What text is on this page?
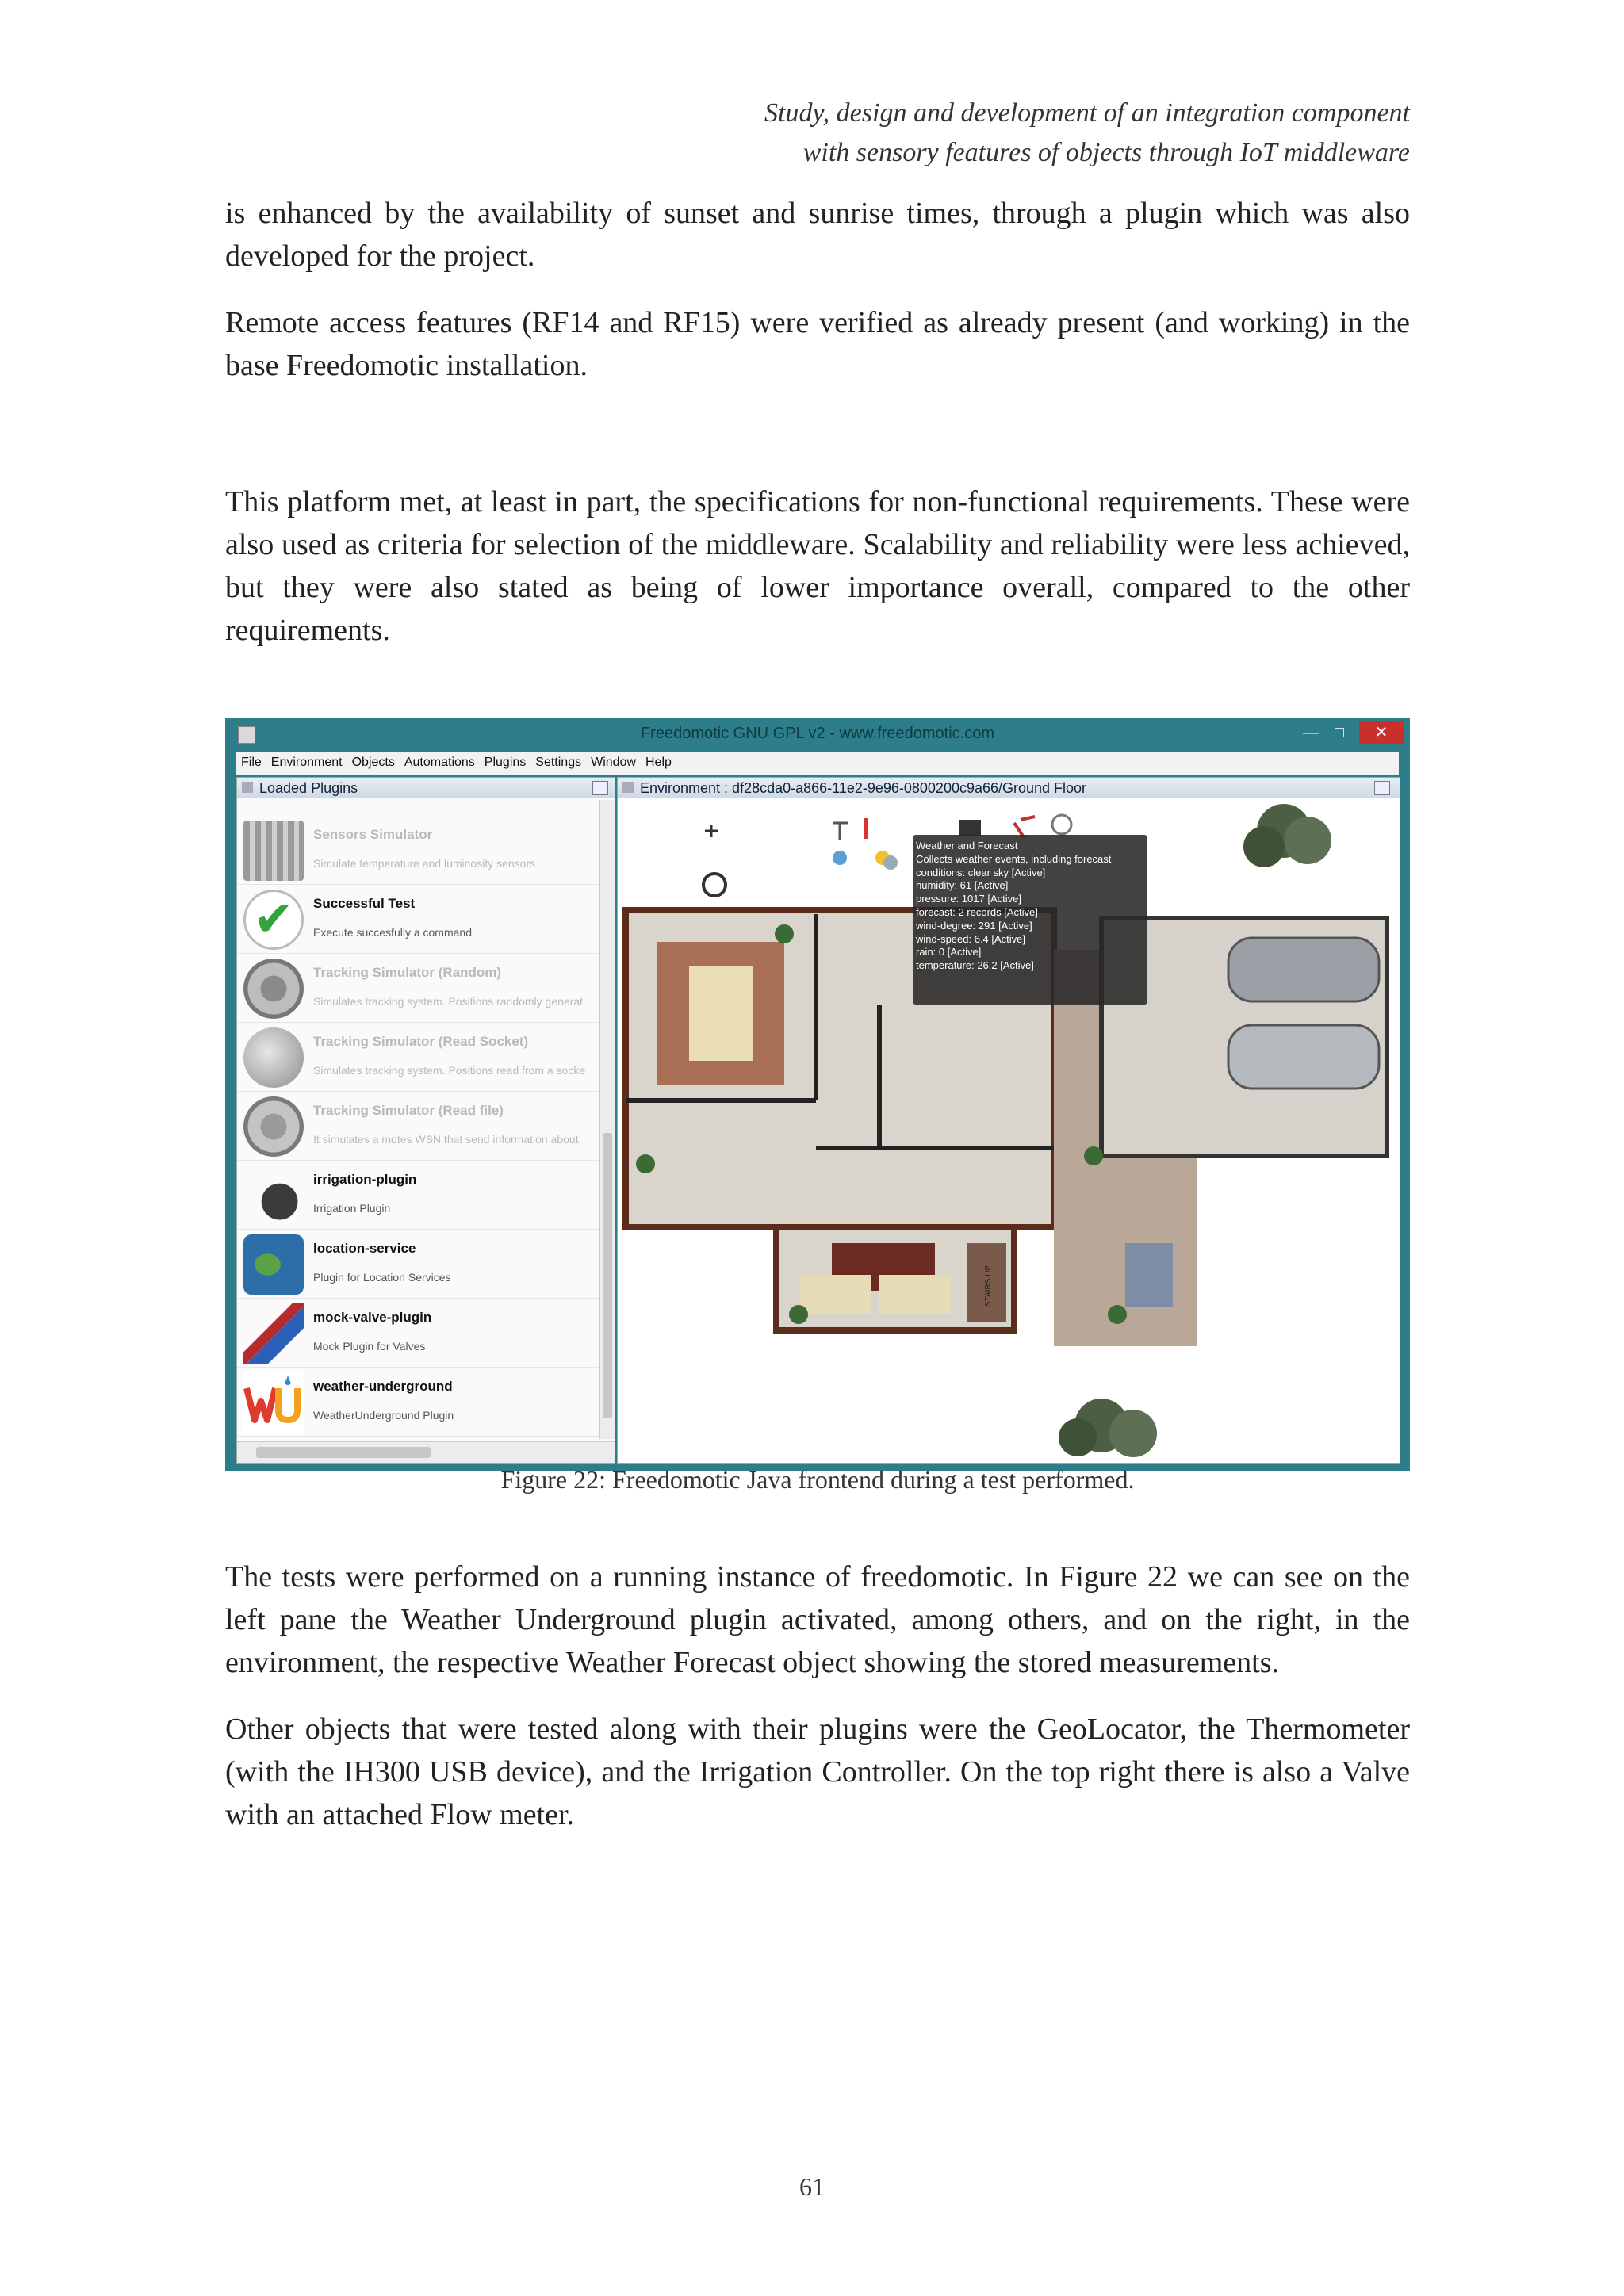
Study, design and development of an integration component
with sensory features of objects through IoT middleware

is enhanced by the availability of sunset and sunrise times, through a plugin which was also developed for the project.

Remote access features (RF14 and RF15) were verified as already present (and working) in the base Freedomotic installation.

This platform met, at least in part, the specifications for non-functional requirements. These were also used as criteria for selection of the middleware. Scalability and reliability were less achieved, but they were also stated as being of lower importance overall, compared to the other requirements.

Freedomotic GNU GPL v2 - www.freedomotic.com	— □	✕
File Environment Objects Automations Plugins Settings Window Help
Loaded Plugins
Sensors Simulator
Simulate temperature and luminosity sensors
✔	Successful Test
Execute succesfully a command
Tracking Simulator (Random)
Simulates tracking system. Positions randomly generat
Tracking Simulator (Read Socket)
Simulates tracking system. Positions read from a socke
Tracking Simulator (Read file)
It simulates a motes WSN that send information about
irrigation-plugin
Irrigation Plugin
location-service
Plugin for Location Services
mock-valve-plugin
Mock Plugin for Valves
weather-underground
WeatherUnderground Plugin
Environment : df28cda0-a866-11e2-9e96-0800200c9a66/Ground Floor
STAIRS UP
Weather and Forecast
Collects weather events, including forecast
conditions: clear sky [Active]
humidity: 61 [Active]
pressure: 1017 [Active]
forecast: 2 records [Active]
wind-degree: 291 [Active]
wind-speed: 6.4 [Active]
rain: 0 [Active]
temperature: 26.2 [Active]
Figure 22: Freedomotic Java frontend during a test performed.

The tests were performed on a running instance of freedomotic. In Figure 22 we can see on the left pane the Weather Underground plugin activated, among others, and on the right, in the environment, the respective Weather Forecast object showing the stored measurements.

Other objects that were tested along with their plugins were the GeoLocator, the Thermometer (with the IH300 USB device), and the Irrigation Controller. On the top right there is also a Valve with an attached Flow meter.

61
